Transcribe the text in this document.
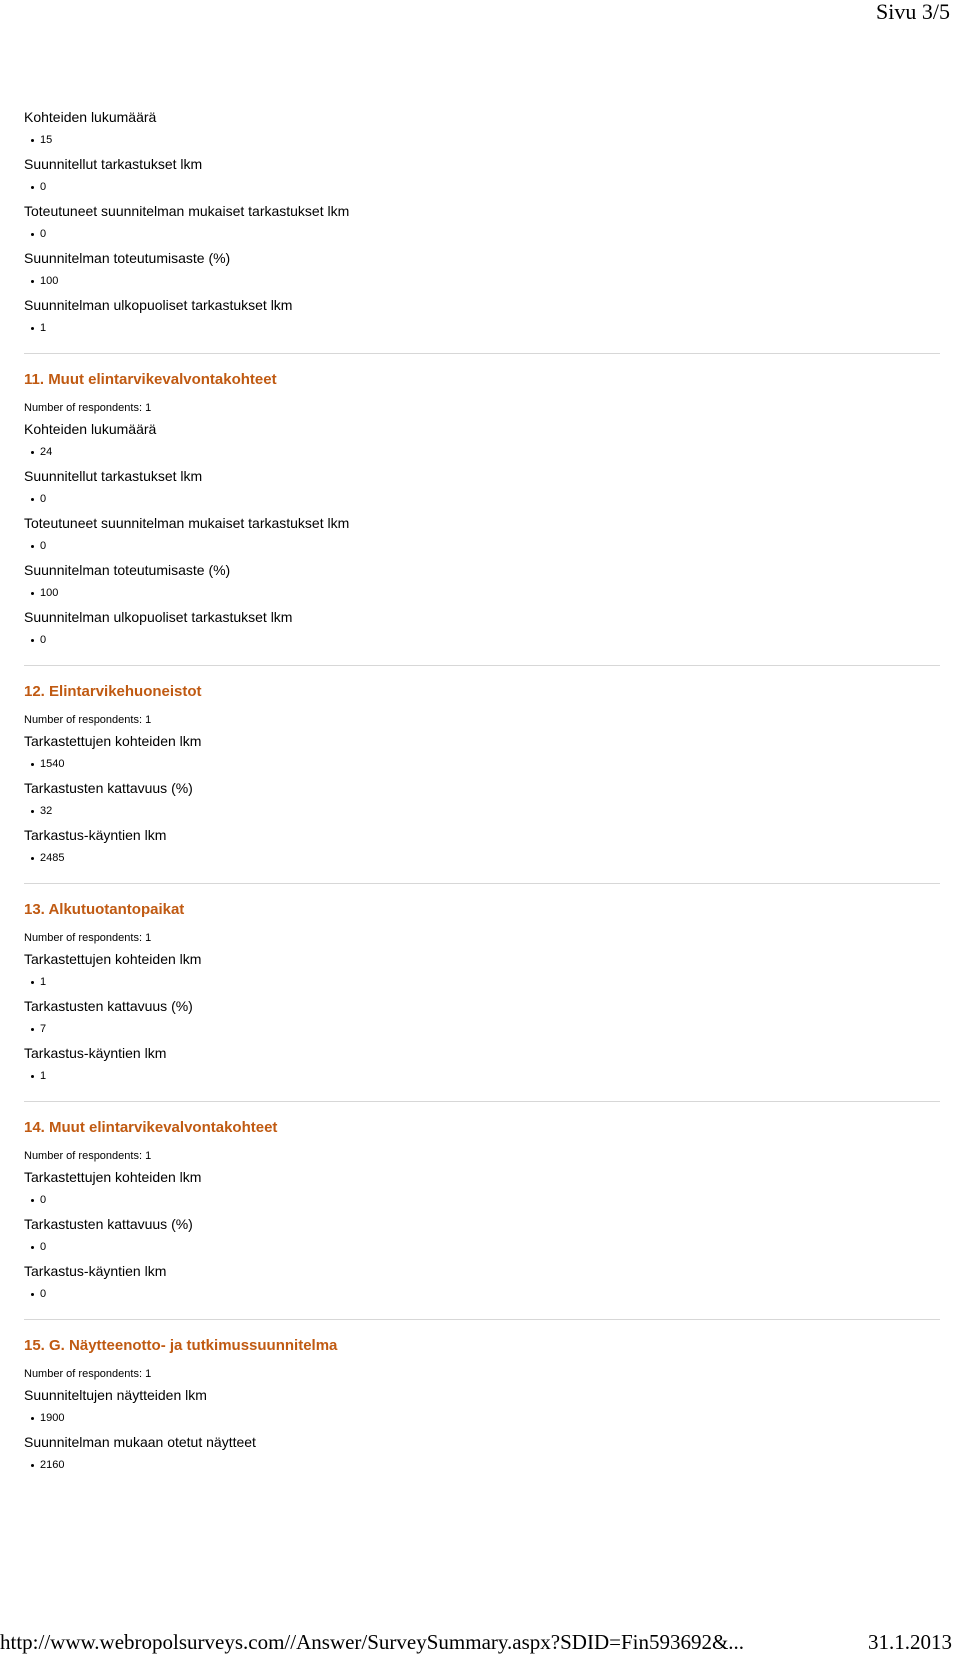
Sivu 3/5

Kohteiden lukumäärä

15

Suunnitellut tarkastukset lkm

0

Toteutuneet suunnitelman mukaiset tarkastukset lkm

0

Suunnitelman toteutumisaste (%)

100

Suunnitelman ulkopuoliset tarkastukset lkm

1
11. Muut elintarvikevalvontakohteet

Number of respondents: 1

Kohteiden lukumäärä

24

Suunnitellut tarkastukset lkm

0

Toteutuneet suunnitelman mukaiset tarkastukset lkm

0

Suunnitelman toteutumisaste (%)

100

Suunnitelman ulkopuoliset tarkastukset lkm

0
12. Elintarvikehuoneistot

Number of respondents: 1

Tarkastettujen kohteiden lkm

1540

Tarkastusten kattavuus (%)

32

Tarkastus-käyntien lkm

2485
13. Alkutuotantopaikat

Number of respondents: 1

Tarkastettujen kohteiden lkm

1

Tarkastusten kattavuus (%)

7

Tarkastus-käyntien lkm

1
14. Muut elintarvikevalvontakohteet

Number of respondents: 1

Tarkastettujen kohteiden lkm

0

Tarkastusten kattavuus (%)

0

Tarkastus-käyntien lkm

0
15. G. Näytteenotto- ja tutkimussuunnitelma

Number of respondents: 1

Suunniteltujen näytteiden lkm

1900

Suunnitelman mukaan otetut näytteet

2160
http://www.webropolsurveys.com//Answer/SurveySummary.aspx?SDID=Fin593692&...	31.1.2013
